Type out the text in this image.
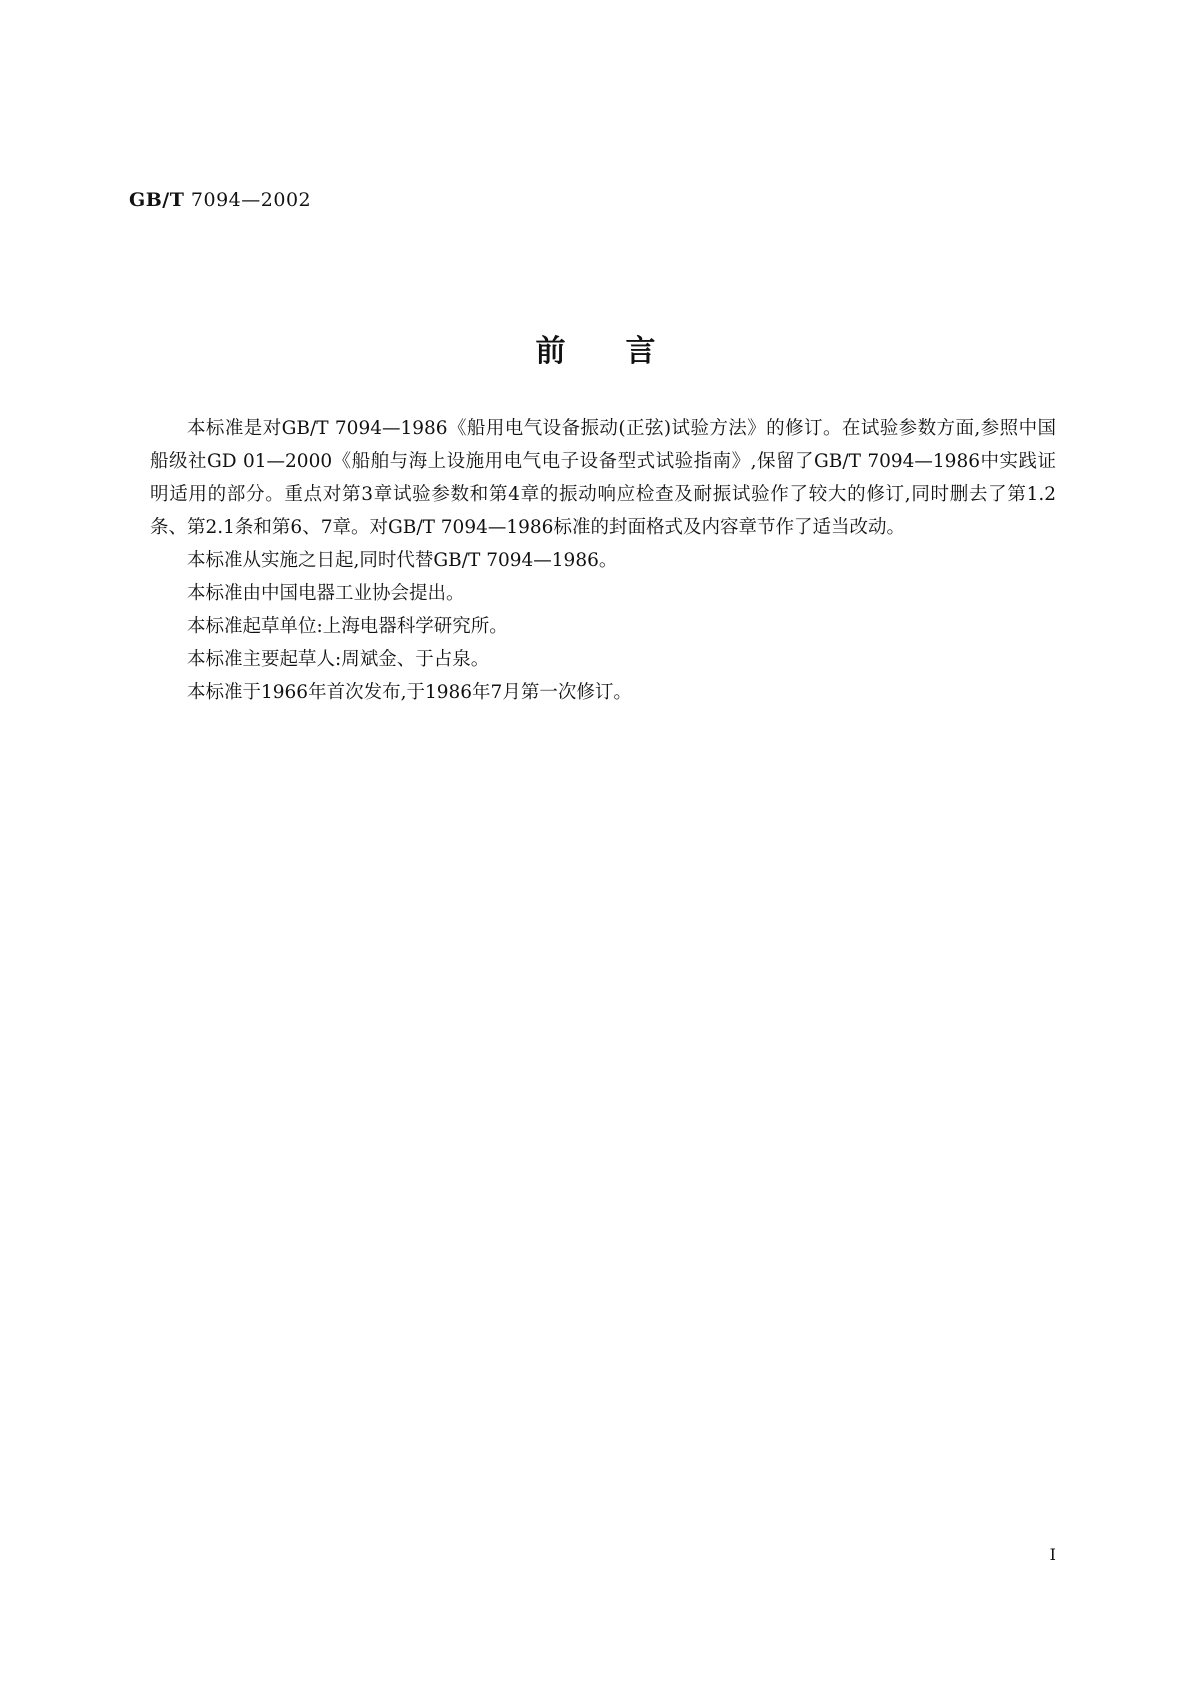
GB/T 7094—2002
前言

本标准是对GB/T 7094—1986《船用电气设备振动(正弦)试验方法》的修订。在试验参数方面,参照中国船级社GD 01—2000《船舶与海上设施用电气电子设备型式试验指南》,保留了GB/T 7094—1986中实践证明适用的部分。重点对第3章试验参数和第4章的振动响应检查及耐振试验作了较大的修订,同时删去了第1.2条、第2.1条和第6、7章。对GB/T 7094—1986标准的封面格式及内容章节作了适当改动。

本标准从实施之日起,同时代替GB/T 7094—1986。

本标准由中国电器工业协会提出。

本标准起草单位:上海电器科学研究所。

本标准主要起草人:周斌金、于占泉。

本标准于1966年首次发布,于1986年7月第一次修订。

I
